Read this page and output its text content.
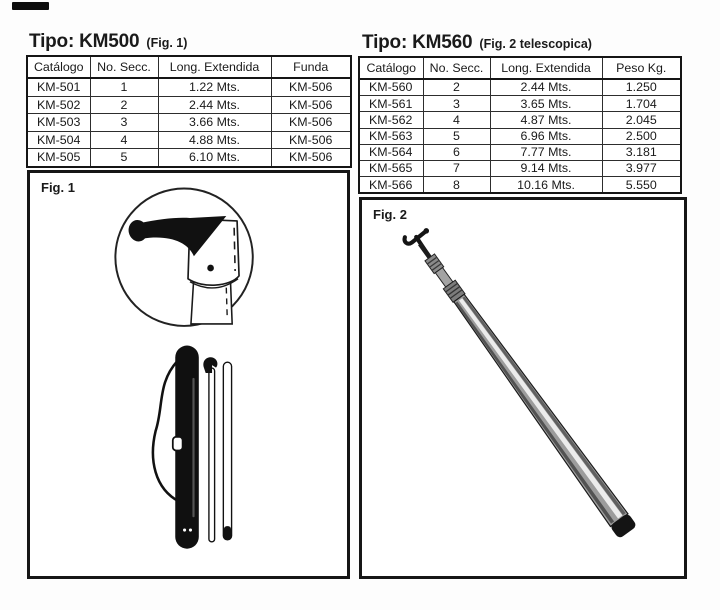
Tipo: KM500 (Fig. 1)
Catálogo	No. Secc.	Long. Extendida	Funda
KM-501	1	1.22 Mts.	KM-506
KM-502	2	2.44 Mts.	KM-506
KM-503	3	3.66 Mts.	KM-506
KM-504	4	4.88 Mts.	KM-506
KM-505	5	6.10 Mts.	KM-506
Fig. 1
Tipo: KM560 (Fig. 2 telescopica)
Catálogo	No. Secc.	Long. Extendida	Peso Kg.
KM-560	2	2.44 Mts.	1.250
KM-561	3	3.65 Mts.	1.704
KM-562	4	4.87 Mts.	2.045
KM-563	5	6.96 Mts.	2.500
KM-564	6	7.77 Mts.	3.181
KM-565	7	9.14 Mts.	3.977
KM-566	8	10.16 Mts.	5.550
Fig. 2
